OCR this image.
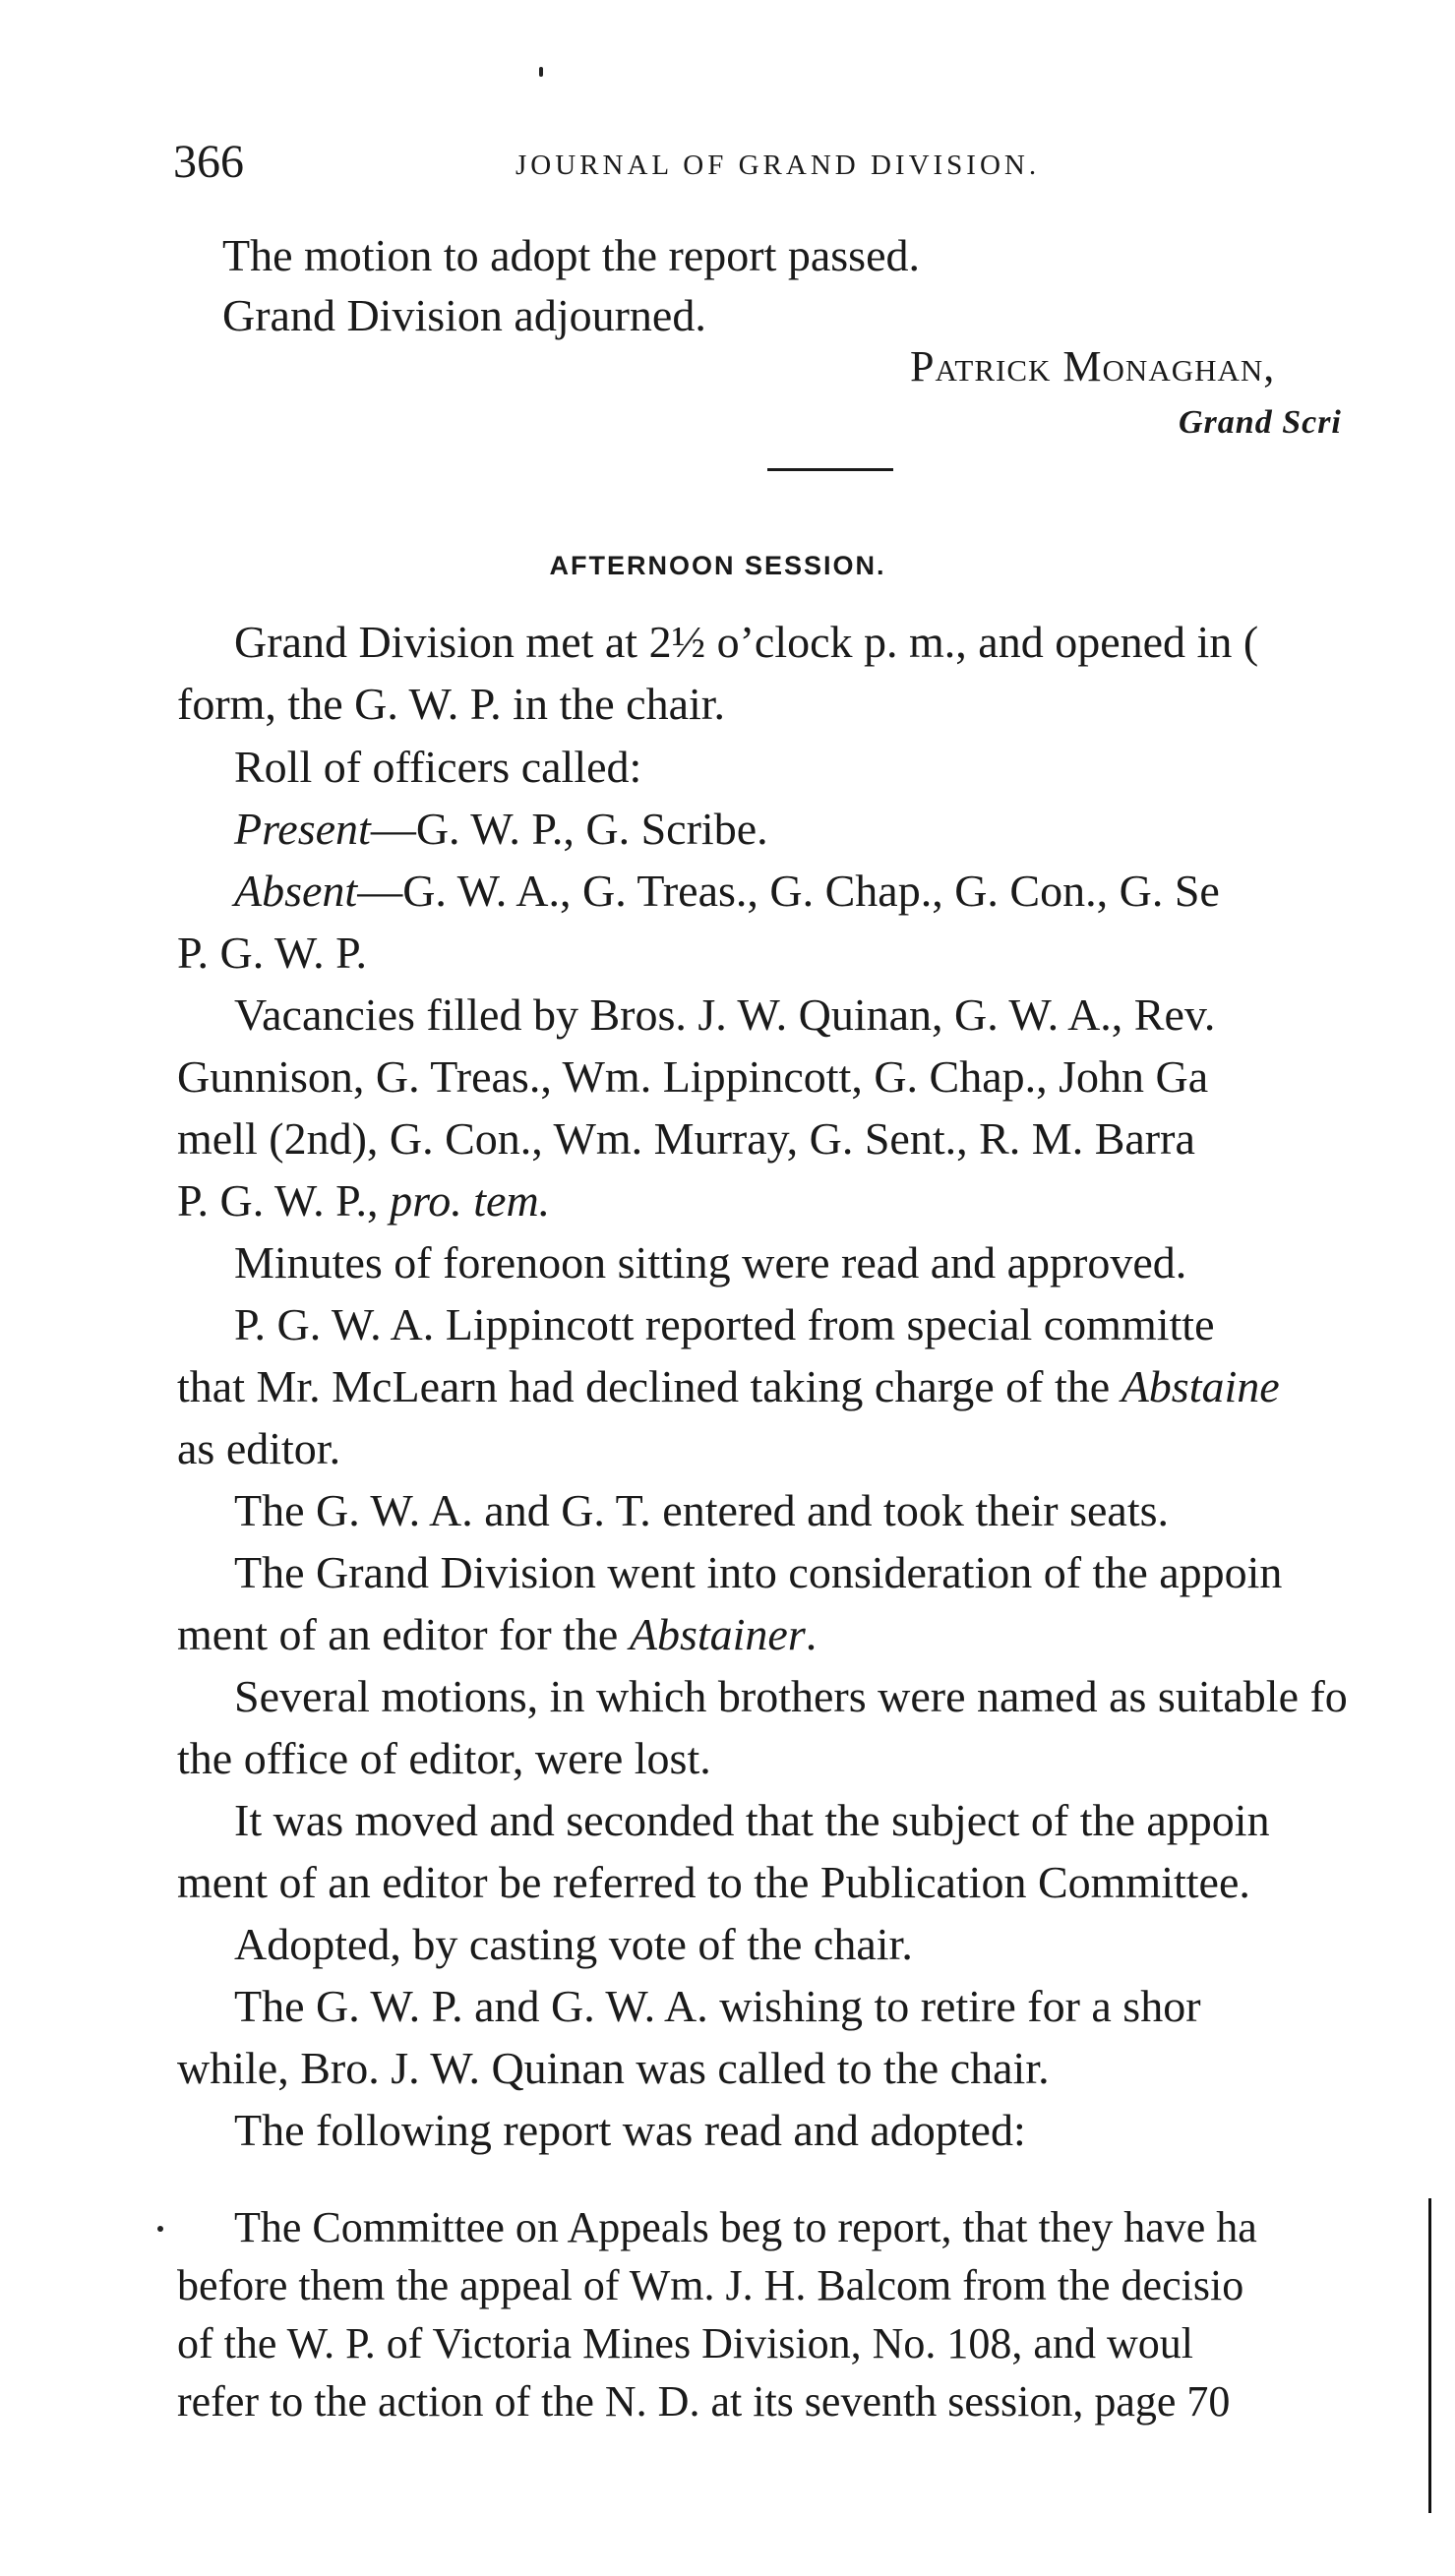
366	JOURNAL OF GRAND DIVISION.
The motion to adopt the report passed.
Grand Division adjourned.
Patrick Monaghan,
Grand Scri
AFTERNOON SESSION.
Grand Division met at 2½ o’clock p. m., and opened in (
form, the G. W. P. in the chair.
Roll of officers called:
Present—G. W. P., G. Scribe.
Absent—G. W. A., G. Treas., G. Chap., G. Con., G. Se
P. G. W. P.
Vacancies filled by Bros. J. W. Quinan, G. W. A., Rev.
Gunnison, G. Treas., Wm. Lippincott, G. Chap., John Ga
mell (2nd), G. Con., Wm. Murray, G. Sent., R. M. Barra
P. G. W. P., pro. tem.
Minutes of forenoon sitting were read and approved.
P. G. W. A. Lippincott reported from special committe
that Mr. McLearn had declined taking charge of the Abstaine
as editor.
The G. W. A. and G. T. entered and took their seats.
The Grand Division went into consideration of the appoin
ment of an editor for the Abstainer.
Several motions, in which brothers were named as suitable fo
the office of editor, were lost.
It was moved and seconded that the subject of the appoin
ment of an editor be referred to the Publication Committee.
Adopted, by casting vote of the chair.
The G. W. P. and G. W. A. wishing to retire for a shor
while, Bro. J. W. Quinan was called to the chair.
The following report was read and adopted:
The Committee on Appeals beg to report, that they have ha
before them the appeal of Wm. J. H. Balcom from the decisio
of the W. P. of Victoria Mines Division, No. 108, and woul
refer to the action of the N. D. at its seventh session, page 70
